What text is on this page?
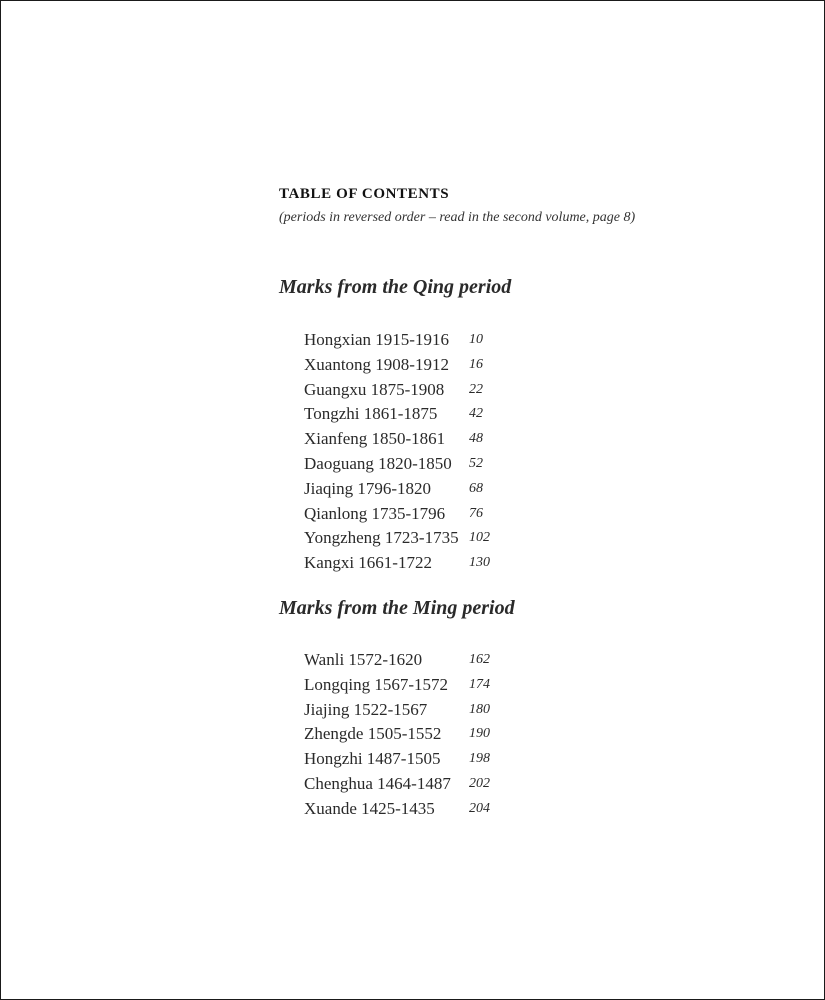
TABLE OF CONTENTS
(periods in reversed order – read in the second volume, page 8)
Marks from the Qing period
Hongxian 1915-1916 10
Xuantong 1908-1912 16
Guangxu 1875-1908 22
Tongzhi 1861-1875 42
Xianfeng 1850-1861 48
Daoguang 1820-1850 52
Jiaqing 1796-1820	68
Qianlong 1735-1796 76
Yongzheng 1723-1735 102
Kangxi 1661-1722	130
Marks from the Ming period
Wanli 1572-1620	162
Longqing 1567-1572 174
Jiajing 1522-1567	180
Zhengde 1505-1552 190
Hongzhi 1487-1505 198
Chenghua 1464-1487 202
Xuande 1425-1435 204
